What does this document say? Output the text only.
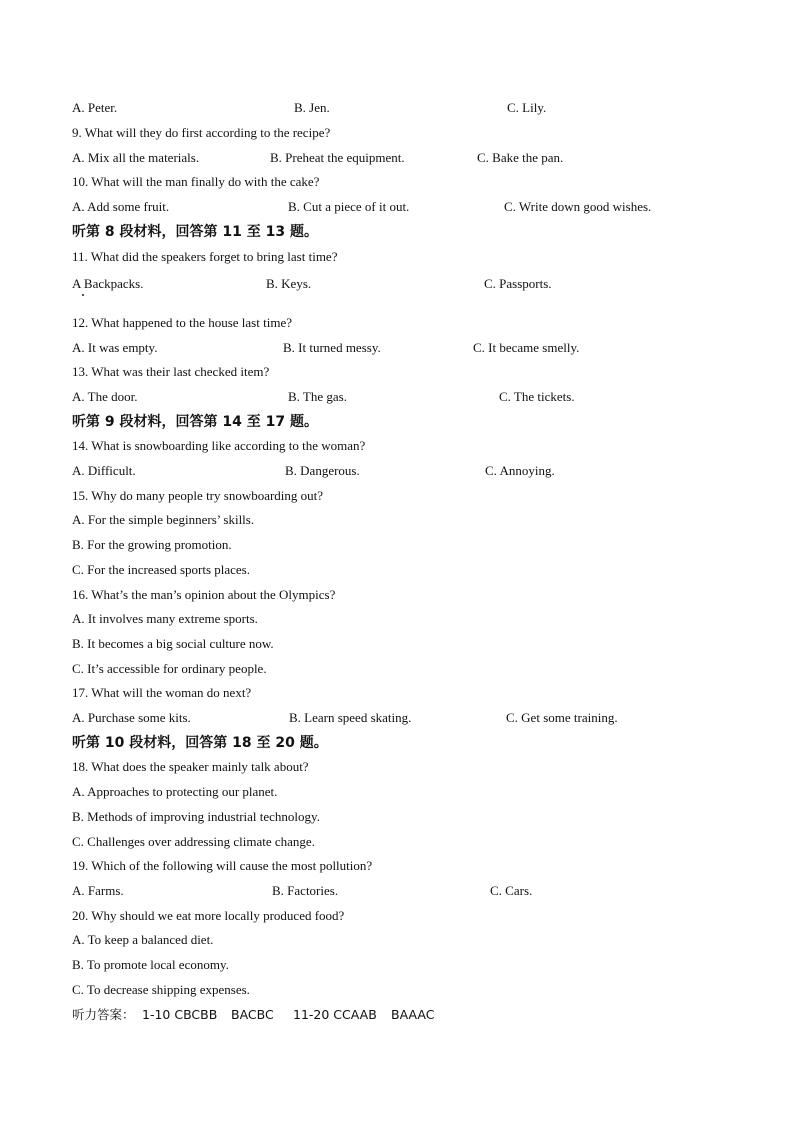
A. Peter.	B. Jen.	C. Lily.
9. What will they do first according to the recipe?
A. Mix all the materials.	B. Preheat the equipment.	C. Bake the pan.
10. What will the man finally do with the cake?
A. Add some fruit.	B. Cut a piece of it out.	C. Write down good wishes.
听第 8 段材料，回答第 11 至 13 题。
11. What did the speakers forget to bring last time?
A Backpacks.	B. Keys.	C. Passports.
12. What happened to the house last time?
A. It was empty.	B. It turned messy.	C. It became smelly.
13. What was their last checked item?
A. The door.	B. The gas.	C. The tickets.
听第 9 段材料，回答第 14 至 17 题。
14. What is snowboarding like according to the woman?
A. Difficult.	B. Dangerous.	C. Annoying.
15. Why do many people try snowboarding out?
A. For the simple beginners’ skills.
B. For the growing promotion.
C. For the increased sports places.
16. What’s the man’s opinion about the Olympics?
A. It involves many extreme sports.
B. It becomes a big social culture now.
C. It’s accessible for ordinary people.
17. What will the woman do next?
A. Purchase some kits.	B. Learn speed skating.	C. Get some training.
听第 10 段材料，回答第 18 至 20 题。
18. What does the speaker mainly talk about?
A. Approaches to protecting our planet.
B. Methods of improving industrial technology.
C. Challenges over addressing climate change.
19. Which of the following will cause the most pollution?
A. Farms.	B. Factories.	C. Cars.
20. Why should we eat more locally produced food?
A. To keep a balanced diet.
B. To promote local economy.
C. To decrease shipping expenses.
听力答案： 1-10 CBCBB BACBC 11-20 CCAAB BAAAC
